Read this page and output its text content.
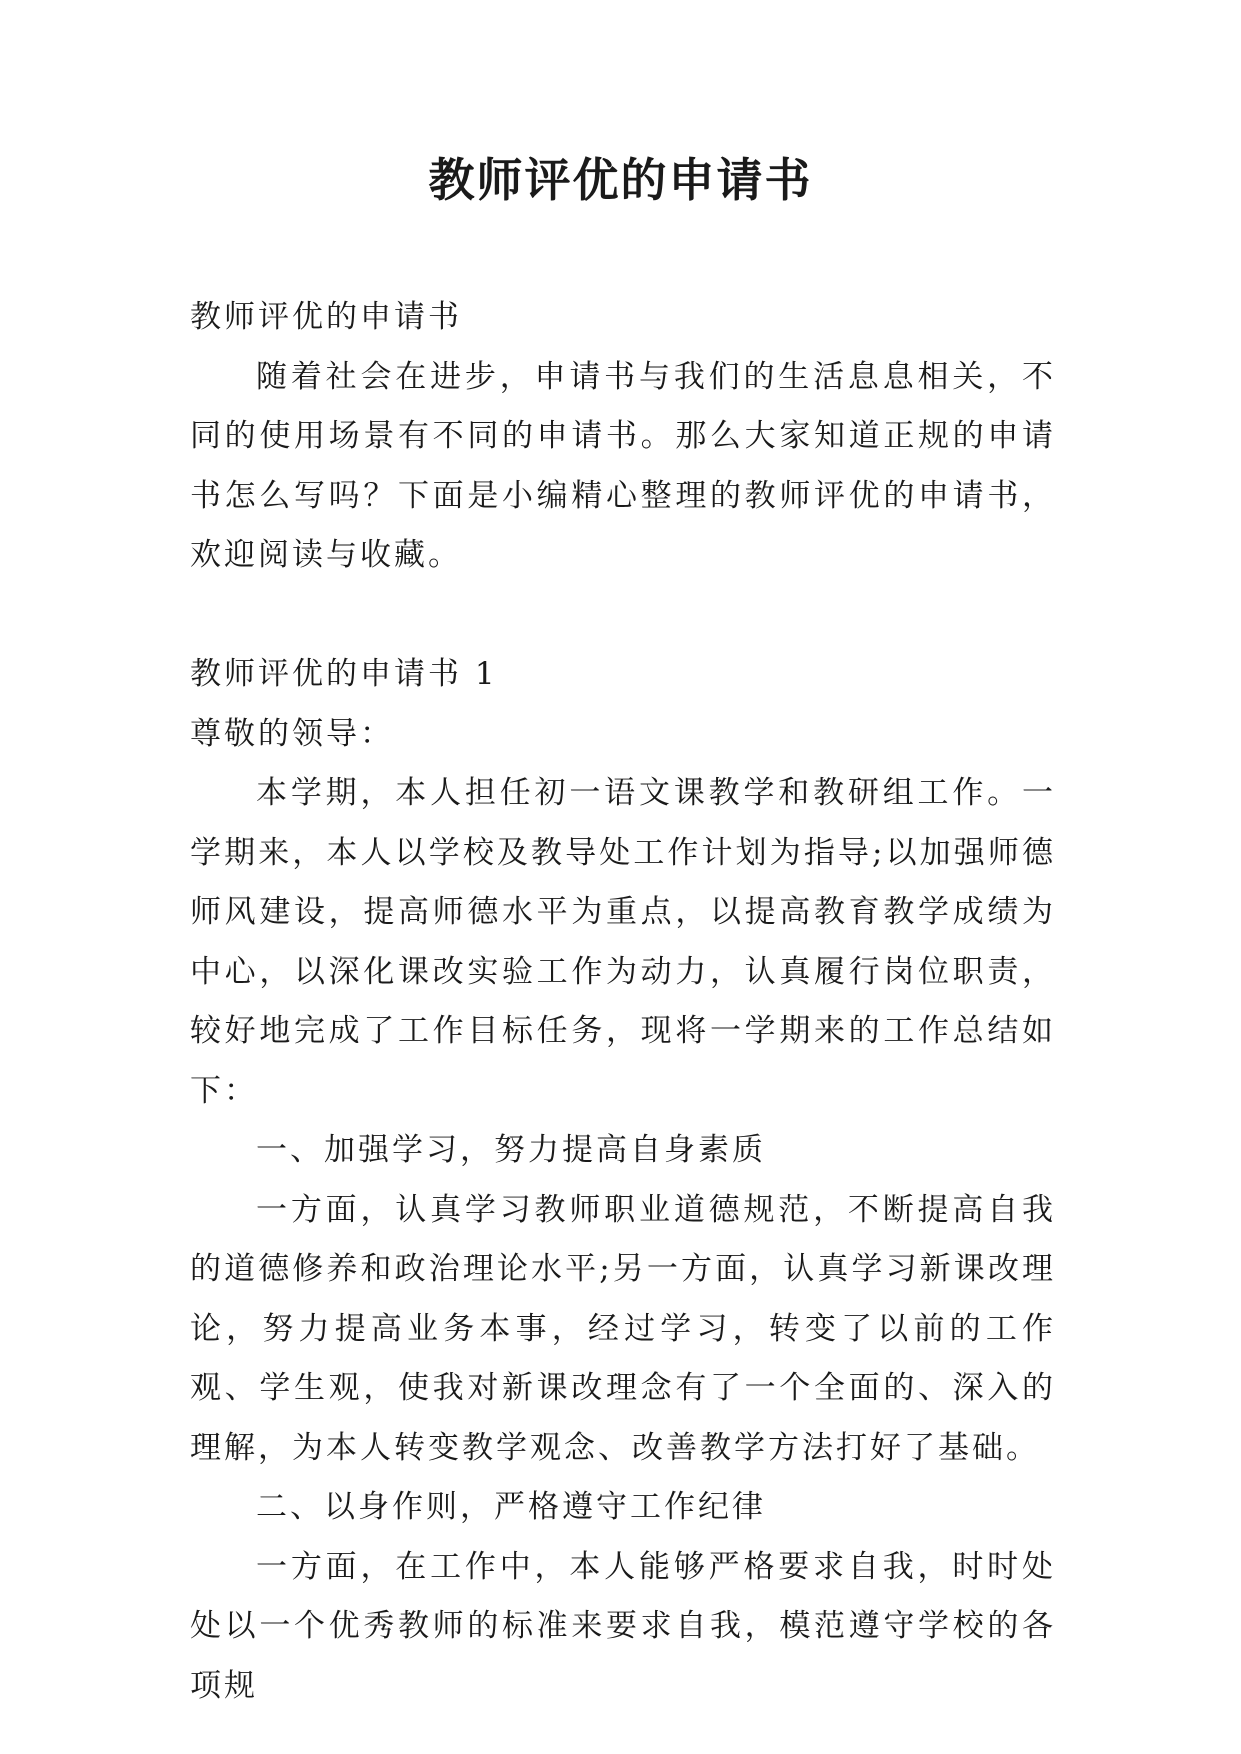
教师评优的申请书

教师评优的申请书

随着社会在进步，申请书与我们的生活息息相关，不同的使用场景有不同的申请书。那么大家知道正规的申请书怎么写吗？下面是小编精心整理的教师评优的申请书，欢迎阅读与收藏。

教师评优的申请书 1

尊敬的领导：

本学期，本人担任初一语文课教学和教研组工作。一学期来，本人以学校及教导处工作计划为指导;以加强师德师风建设，提高师德水平为重点，以提高教育教学成绩为中心，以深化课改实验工作为动力，认真履行岗位职责，较好地完成了工作目标任务，现将一学期来的工作总结如下：

一、加强学习，努力提高自身素质

一方面，认真学习教师职业道德规范，不断提高自我的道德修养和政治理论水平;另一方面，认真学习新课改理论，努力提高业务本事，经过学习，转变了以前的工作观、学生观，使我对新课改理念有了一个全面的、深入的理解，为本人转变教学观念、改善教学方法打好了基础。

二、以身作则，严格遵守工作纪律

一方面，在工作中，本人能够严格要求自我，时时处处以一个优秀教师的标准来要求自我，模范遵守学校的各项规
